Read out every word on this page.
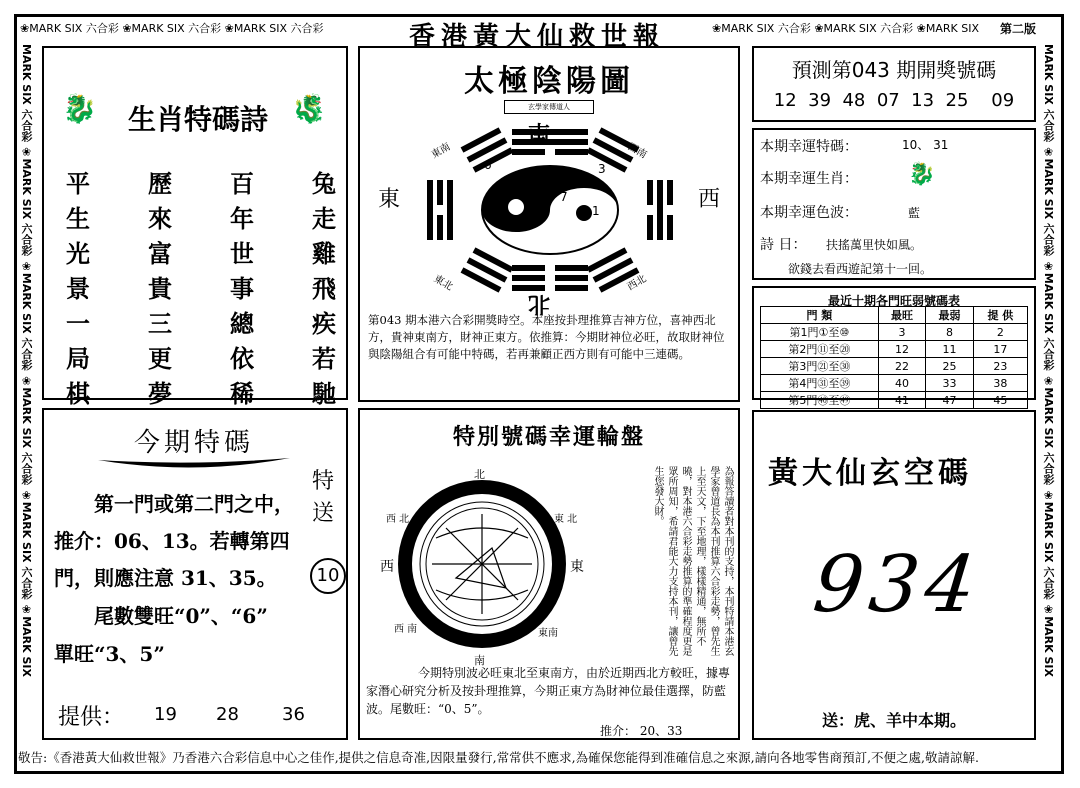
❀MARK SIX 六合彩 ❀MARK SIX 六合彩 ❀MARK SIX 六合彩	香港黃大仙救世報	❀MARK SIX 六合彩 ❀MARK SIX 六合彩 ❀MARK SIX	第二版
MARK SIX 六合彩 ❀MARK SIX 六合彩 ❀MARK SIX 六合彩 ❀MARK SIX 六合彩 ❀MARK SIX 六合彩 ❀MARK SIX	MARK SIX 六合彩 ❀MARK SIX 六合彩 ❀MARK SIX 六合彩 ❀MARK SIX 六合彩 ❀MARK SIX 六合彩 ❀MARK SIX
🐉	生肖特碼詩 🐉
平
生
光
景
一
局
棋
歷
來
富
貴
三
更
夢
百
年
世
事
總
依
稀
兔
走
雞
飛
疾
若
馳
太極陰陽圖
玄學家傳道人
南
北
東	西
東南	西南
東北	西北
6	3
2
7
8	1
第043 期本港六合彩開獎時空。本座按卦理推算吉神方位，喜神西北方，貴神東南方，財神正東方。依推算：今期財神位必旺，故取財神位與陰陽組合有可能中特碼，若再兼顧正西方則有可能中三連碼。
預測第043 期開獎號碼
12  39  48  07  13  25    09
本期幸運特碼：	10、 31
本期幸運生肖： 🐉
本期幸運色波：	藍
詩 日： 扶搖萬里快如風。
欲錢去看西遊記第十一回。
最近十期各門旺弱號碼表
門 類	最旺	最弱	提 供
第1門①至⑩	3	8	2
第2門⑪至⑳	12	11	17
第3門㉑至㉚	22	25	23
第4門㉛至㊴	40	33	38
第5門㊵至㊾	41	47	45
今期特碼
第一門或第二門之中，推介：06、13。若轉第四門，則應注意 31、35。
尾數雙旺“0”、“6”
單旺“3、5”
特送
10
提供： 19 28 36
特別號碼幸運輪盤
北
南
東
西
西 北	東 北
西 南	東南	為報答讀者對本刊的支持，本刊特請本港玄學家曾道長為本刊推算六合彩走勢，曾先生上至天文，下至地理，樣樣精通，無所不曉，對本港六合彩走勢推算的準確程度更是眾所周知，希請君能大力支持本刊，讓曾先生您發大財。
今期特別波必旺東北至東南方，由於近期西北方較旺，據專家潛心研究分析及按卦理推算，今期正東方為財神位最佳選擇，防藍波。尾數旺：“0、5”。
推介： 20、33
黃大仙玄空碼
934
送：虎、羊中本期。
敬告:《香港黃大仙救世報》乃香港六合彩信息中心之佳作,提供之信息奇准,因限量發行,常常供不應求,為確保您能得到准確信息之來源,請向各地零售商預訂,不便之處,敬請諒解.
